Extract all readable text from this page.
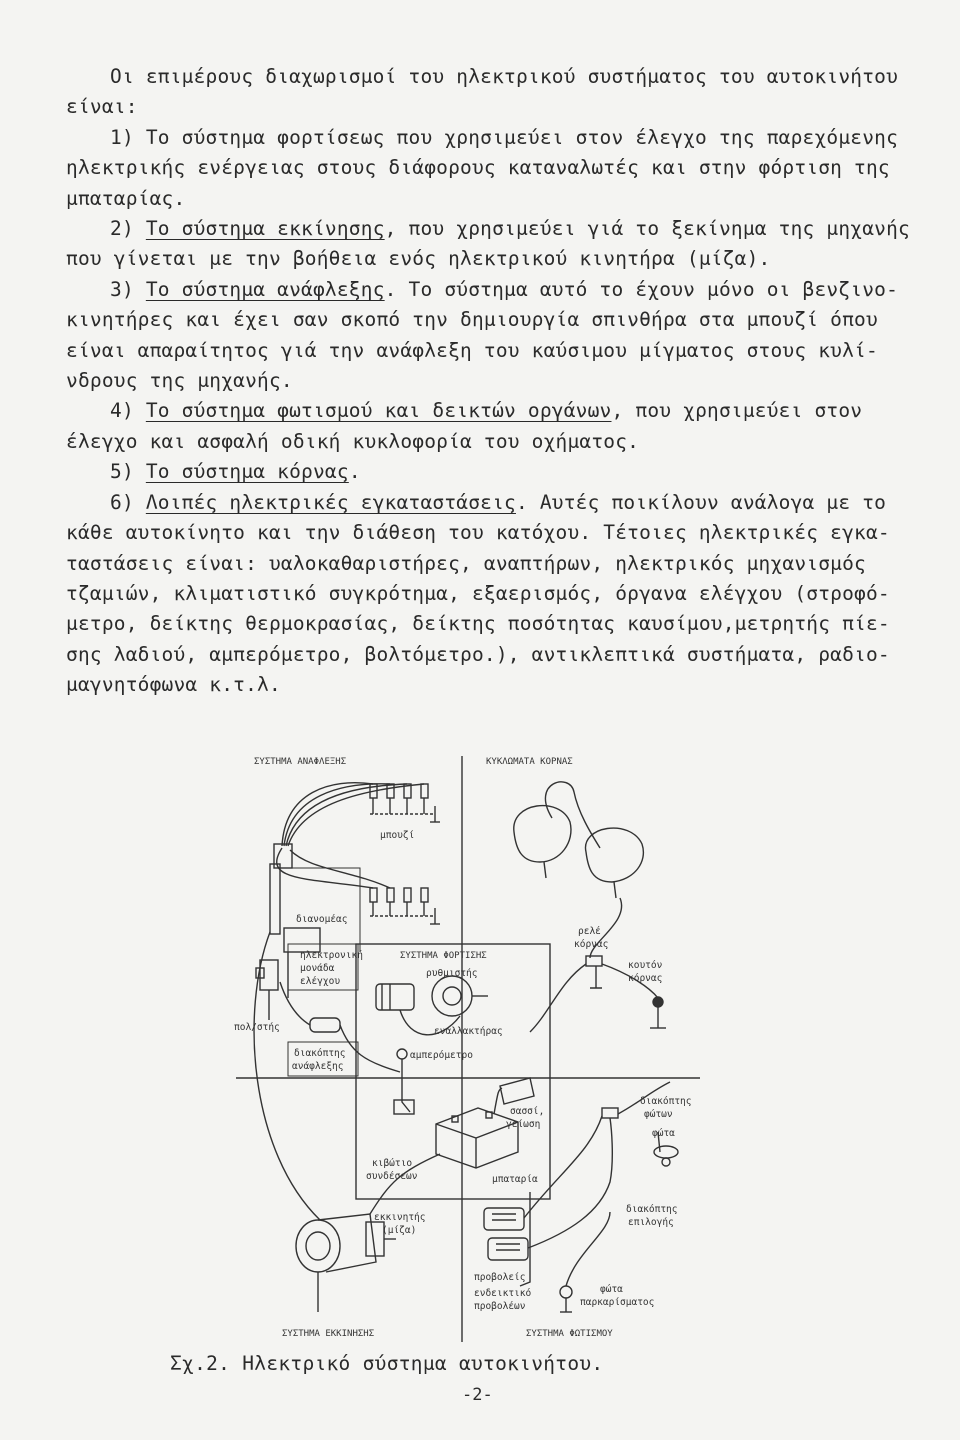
Οι επιμέρους διαχωρισμοί του ηλεκτρικού συστήματος του αυτοκινήτου
είναι:
1) Το σύστημα φορτίσεως που χρησιμεύει στον έλεγχο της παρεχόμενης
ηλεκτρικής ενέργειας στους διάφορους καταναλωτές και στην φόρτιση της
μπαταρίας.
2) Το σύστημα εκκίνησης, που χρησιμεύει γιά το ξεκίνημα της μηχανής
που γίνεται με την βοήθεια ενός ηλεκτρικού κινητήρα (μίζα).
3) Το σύστημα ανάφλεξης. Το σύστημα αυτό το έχουν μόνο οι βενζινο-
κινητήρες και έχει σαν σκοπό την δημιουργία σπινθήρα στα μπουζί όπου
είναι απαραίτητος γιά την ανάφλεξη του καύσιμου μίγματος στους κυλί-
νδρους της μηχανής.
4) Το σύστημα φωτισμού και δεικτών οργάνων, που χρησιμεύει στον
έλεγχο και ασφαλή οδική κυκλοφορία του οχήματος.
5) Το σύστημα κόρνας.
6) Λοιπές ηλεκτρικές εγκαταστάσεις. Αυτές ποικίλουν ανάλογα με το
κάθε αυτοκίνητο και την διάθεση του κατόχου. Τέτοιες ηλεκτρικές εγκα-
ταστάσεις είναι: υαλοκαθαριστήρες, αναπτήρων, ηλεκτρικός μηχανισμός
τζαμιών, κλιματιστικό συγκρότημα, εξαερισμός, όργανα ελέγχου (στροφό-
μετρο, δείκτης θερμοκρασίας, δείκτης ποσότητας καυσίμου,μετρητής πίε-
σης λαδιού, αμπερόμετρο, βολτόμετρο.), αντικλεπτικά συστήματα, ραδιο-
μαγνητόφωνα κ.τ.λ.
ΣΥΣΤΗΜΑ ΑΝΑΦΛΕΞΗΣ	ΚΥΚΛΩΜΑΤΑ ΚΟΡΝΑΣ
ΣΥΣΤΗΜΑ ΦΟΡΤΙΣΗΣ
ΣΥΣΤΗΜΑ ΕΚΚΙΝΗΣΗΣ	ΣΥΣΤΗΜΑ ΦΩΤΙΣΜΟΥ
μπουζί
διανομέας
ηλεκτρονική
μονάδα
ελέγχου
πολ/στής
διακόπτης
ανάφλεξης
ρυθμιστής
εναλλακτήρας
αμπερόμετρο
σασσί,
γείωση
κιβώτιο
συνδέσεων	μπαταρία
εκκινητής
(μίζα)
ρελέ
κόρνας
κουτόν
κόρνας
διακόπτης
φώτων
φώτα
διακόπτης
επιλογής
προβολείς
ενδεικτικό
προβολέων
φώτα
παρκαρίσματος
Σχ.2. Ηλεκτρικό σύστημα αυτοκινήτου.
-2-
